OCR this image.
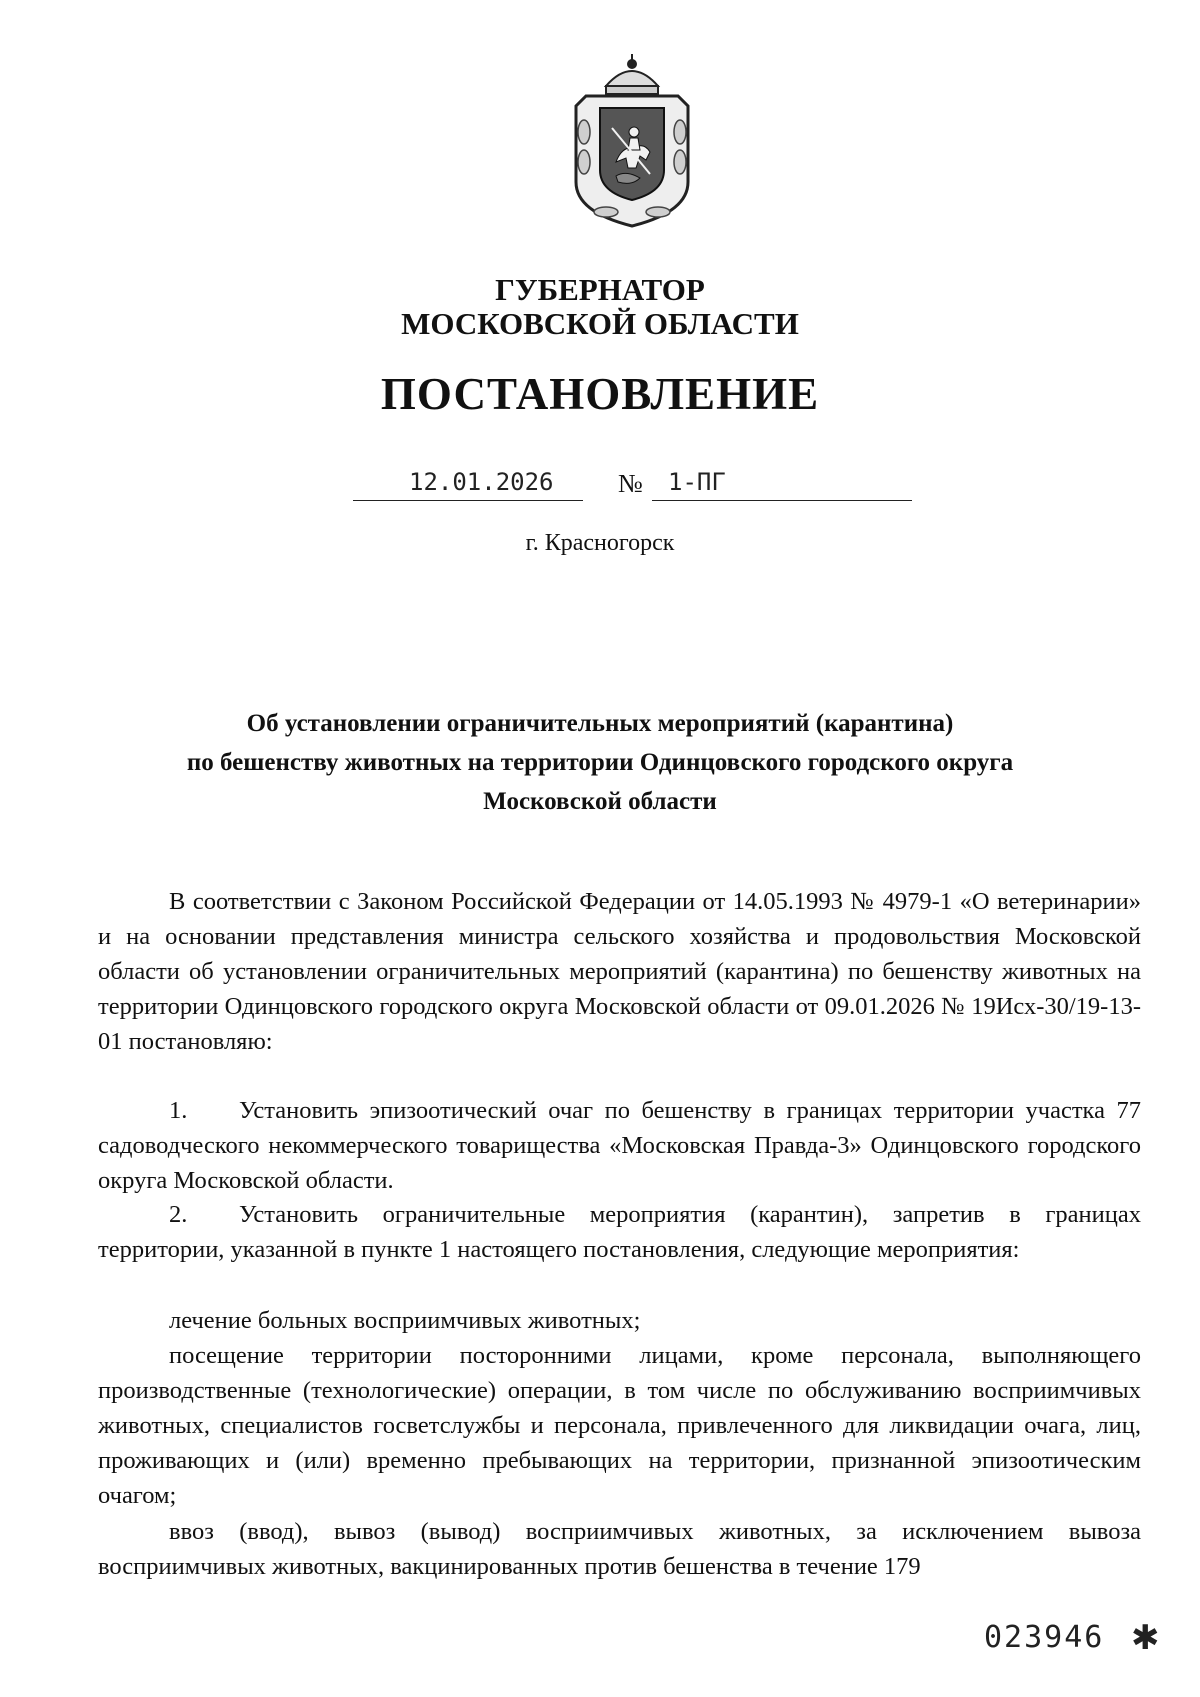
ГУБЕРНАТОР
МОСКОВСКОЙ ОБЛАСТИ
ПОСТАНОВЛЕНИЕ
12.01.2026 № 1-ПГ
г. Красногорск
Об установлении ограничительных мероприятий (карантина)
по бешенству животных на территории Одинцовского городского округа
Московской области

В соответствии с Законом Российской Федерации от 14.05.1993 № 4979-1 «О ветеринарии» и на основании представления министра сельского хозяйства и продовольствия Московской области об установлении ограничительных мероприятий (карантина) по бешенству животных на территории Одинцовского городского округа Московской области от 09.01.2026 № 19Исх-30/19-13-01 постановляю:

1. Установить эпизоотический очаг по бешенству в границах территории участка 77 садоводческого некоммерческого товарищества «Московская Правда-3» Одинцовского городского округа Московской области.

2. Установить ограничительные мероприятия (карантин), запретив в границах территории, указанной в пункте 1 настоящего постановления, следующие мероприятия:

лечение больных восприимчивых животных;

посещение территории посторонними лицами, кроме персонала, выполняющего производственные (технологические) операции, в том числе по обслуживанию восприимчивых животных, специалистов госветслужбы и персонала, привлеченного для ликвидации очага, лиц, проживающих и (или) временно пребывающих на территории, признанной эпизоотическим очагом;

ввоз (ввод), вывоз (вывод) восприимчивых животных, за исключением вывоза восприимчивых животных, вакцинированных против бешенства в течение 179

023946 ✱
